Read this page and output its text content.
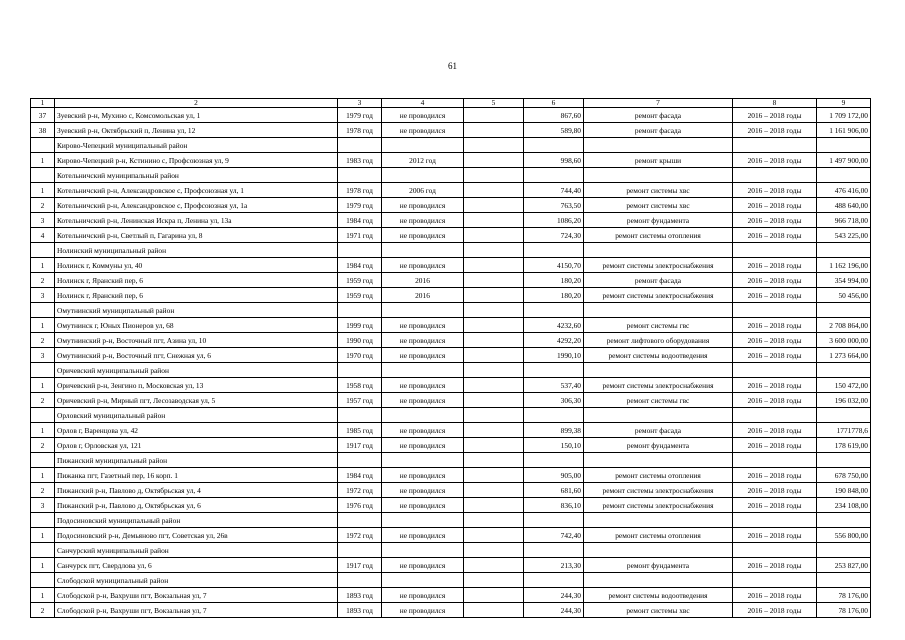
61
1	2	3	4	5	6	7	8	9
37	Зуевский р-н, Мухино с, Комсомольская ул, 1	1979 год	не проводился		867,60	ремонт фасада	2016 – 2018 годы	1 709 172,00
38	Зуевский р-н, Октябрьский п, Ленина ул, 12	1978 год	не проводился		589,80	ремонт фасада	2016 – 2018 годы	1 161 906,00
	Кирово-Чепецкий муниципальный район							
1	Кирово-Чепецкий р-н, Кстинино с, Профсоюзная ул, 9	1983 год	2012 год		998,60	ремонт крыши	2016 – 2018 годы	1 497 900,00
	Котельничский муниципальный район							
1	Котельничский р-н, Александровское с, Профсоюзная ул, 1	1978 год	2006 год		744,40	ремонт системы хвс	2016 – 2018 годы	476 416,00
2	Котельничский р-н, Александровское с, Профсоюзная ул, 1а	1979 год	не проводился		763,50	ремонт системы хвс	2016 – 2018 годы	488 640,00
3	Котельничский р-н, Ленинская Искра п, Ленина ул, 13а	1984 год	не проводился		1086,20	ремонт фундамента	2016 – 2018 годы	966 718,00
4	Котельничский р-н, Светлый п, Гагарина ул, 8	1971 год	не проводился		724,30	ремонт системы отопления	2016 – 2018 годы	543 225,00
	Нолинский муниципальный район							
1	Нолинск г, Коммуны ул, 40	1984 год	не проводился		4150,70	ремонт системы электроснабжения	2016 – 2018 годы	1 162 196,00
2	Нолинск г, Яранский пер, 6	1959 год	2016		180,20	ремонт фасада	2016 – 2018 годы	354 994,00
3	Нолинск г, Яранский пер, 6	1959 год	2016		180,20	ремонт системы электроснабжения	2016 – 2018 годы	50 456,00
	Омутнинский муниципальный район							
1	Омутнинск г, Юных Пионеров ул, 68	1999 год	не проводился		4232,60	ремонт системы гвс	2016 – 2018 годы	2 708 864,00
2	Омутнинский р-н, Восточный пгт, Азина ул, 10	1990 год	не проводился		4292,20	ремонт лифтового оборудования	2016 – 2018 годы	3 600 000,00
3	Омутнинский р-н, Восточный пгт, Снежная ул, 6	1970 год	не проводился		1990,10	ремонт системы водоотведения	2016 – 2018 годы	1 273 664,00
	Оричевский муниципальный район							
1	Оричевский р-н, Зенгино п, Московская ул, 13	1958 год	не проводился		537,40	ремонт системы электроснабжения	2016 – 2018 годы	150 472,00
2	Оричевский р-н, Мирный пгт, Лесозаводская ул, 5	1957 год	не проводился		306,30	ремонт системы гвс	2016 – 2018 годы	196 032,00
	Орловский муниципальный район							
1	Орлов г, Варенцова ул, 42	1985 год	не проводился		899,38	ремонт фасада	2016 – 2018 годы	1771778,6
2	Орлов г, Орловская ул, 121	1917 год	не проводился		150,10	ремонт фундамента	2016 – 2018 годы	178 619,00
	Пижанский муниципальный район							
1	Пижанка пгт, Газетный пер, 16 корп. 1	1984 год	не проводился		905,00	ремонт системы отопления	2016 – 2018 годы	678 750,00
2	Пижанский р-н, Павлово д, Октябрьская ул, 4	1972 год	не проводился		681,60	ремонт системы электроснабжения	2016 – 2018 годы	190 848,00
3	Пижанский р-н, Павлово д, Октябрьская ул, 6	1976 год	не проводился		836,10	ремонт системы электроснабжения	2016 – 2018 годы	234 108,00
	Подосиновский муниципальный район							
1	Подосиновский р-н, Демьяново пгт, Советская ул, 26в	1972 год	не проводился		742,40	ремонт системы отопления	2016 – 2018 годы	556 800,00
	Санчурский муниципальный район							
1	Санчурск пгт, Свердлова ул, 6	1917 год	не проводился		213,30	ремонт фундамента	2016 – 2018 годы	253 827,00
	Слободской муниципальный район							
1	Слободской р-н, Вахруши пгт, Вокзальная ул, 7	1893 год	не проводился		244,30	ремонт системы водоотведения	2016 – 2018 годы	78 176,00
2	Слободской р-н, Вахруши пгт, Вокзальная ул, 7	1893 год	не проводился		244,30	ремонт системы хвс	2016 – 2018 годы	78 176,00
